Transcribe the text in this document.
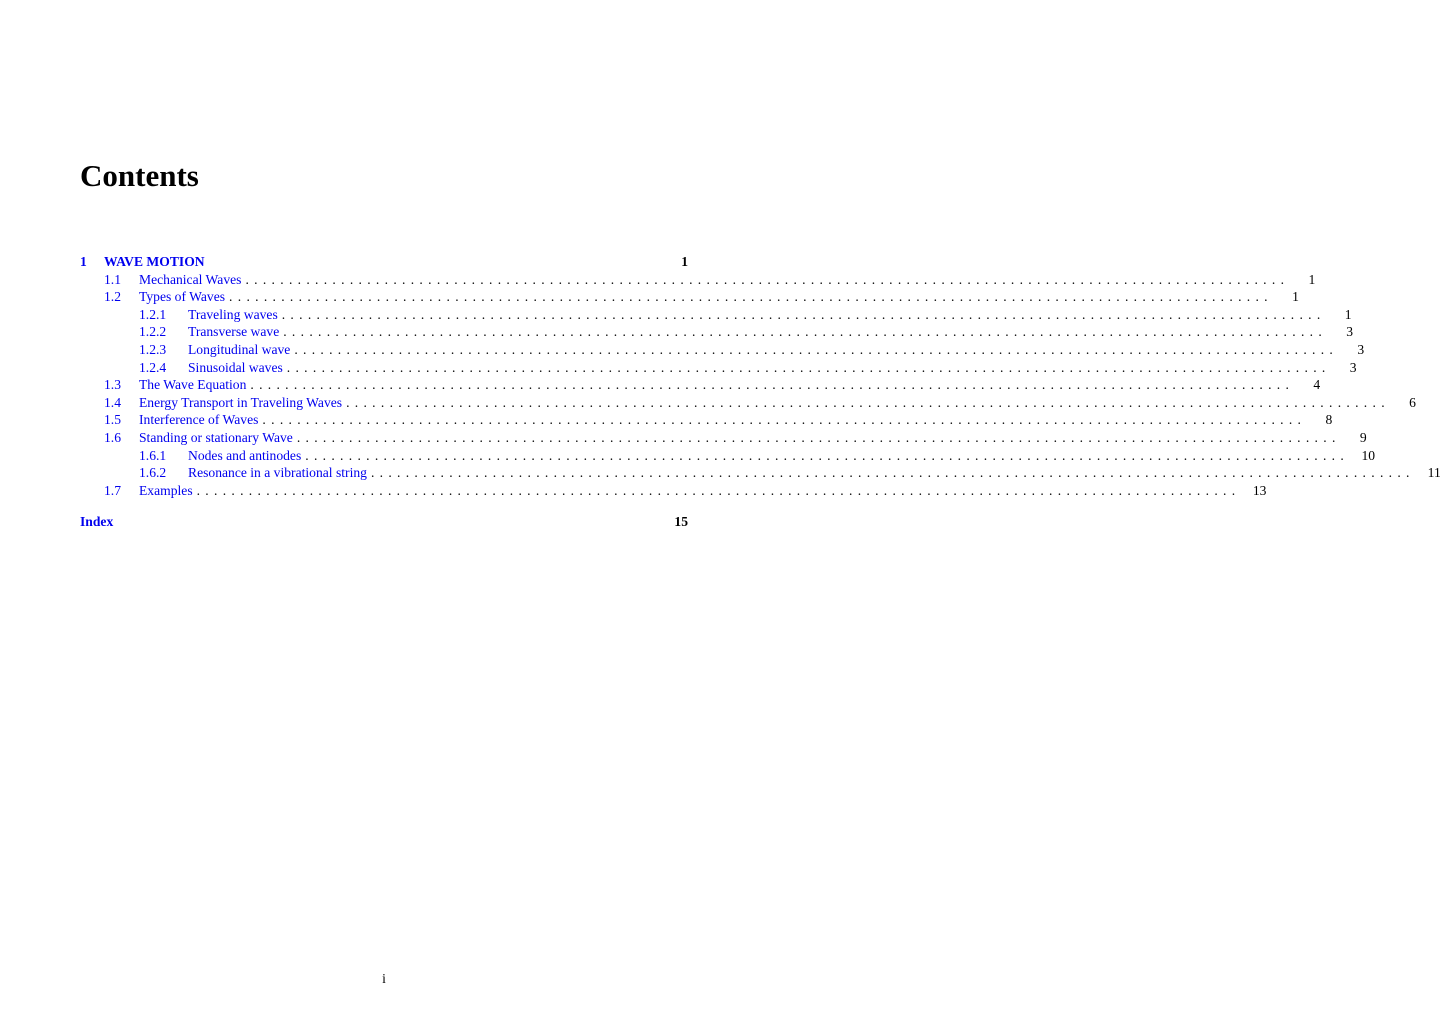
Contents
1	WAVE MOTION	1
1.1	Mechanical Waves ........................................................................................................................	1
1.2	Types of Waves ........................................................................................................................	1
1.2.1	Traveling waves ........................................................................................................................	1
1.2.2	Transverse wave ........................................................................................................................	3
1.2.3	Longitudinal wave ........................................................................................................................	3
1.2.4	Sinusoidal waves ........................................................................................................................	3
1.3	The Wave Equation ........................................................................................................................	4
1.4	Energy Transport in Traveling Waves ........................................................................................................................	6
1.5	Interference of Waves ........................................................................................................................	8
1.6	Standing or stationary Wave ........................................................................................................................	9
1.6.1	Nodes and antinodes ........................................................................................................................ 10
1.6.2	Resonance in a vibrational string ........................................................................................................................ 11
1.7	Examples ........................................................................................................................ 13
Index	15
i
